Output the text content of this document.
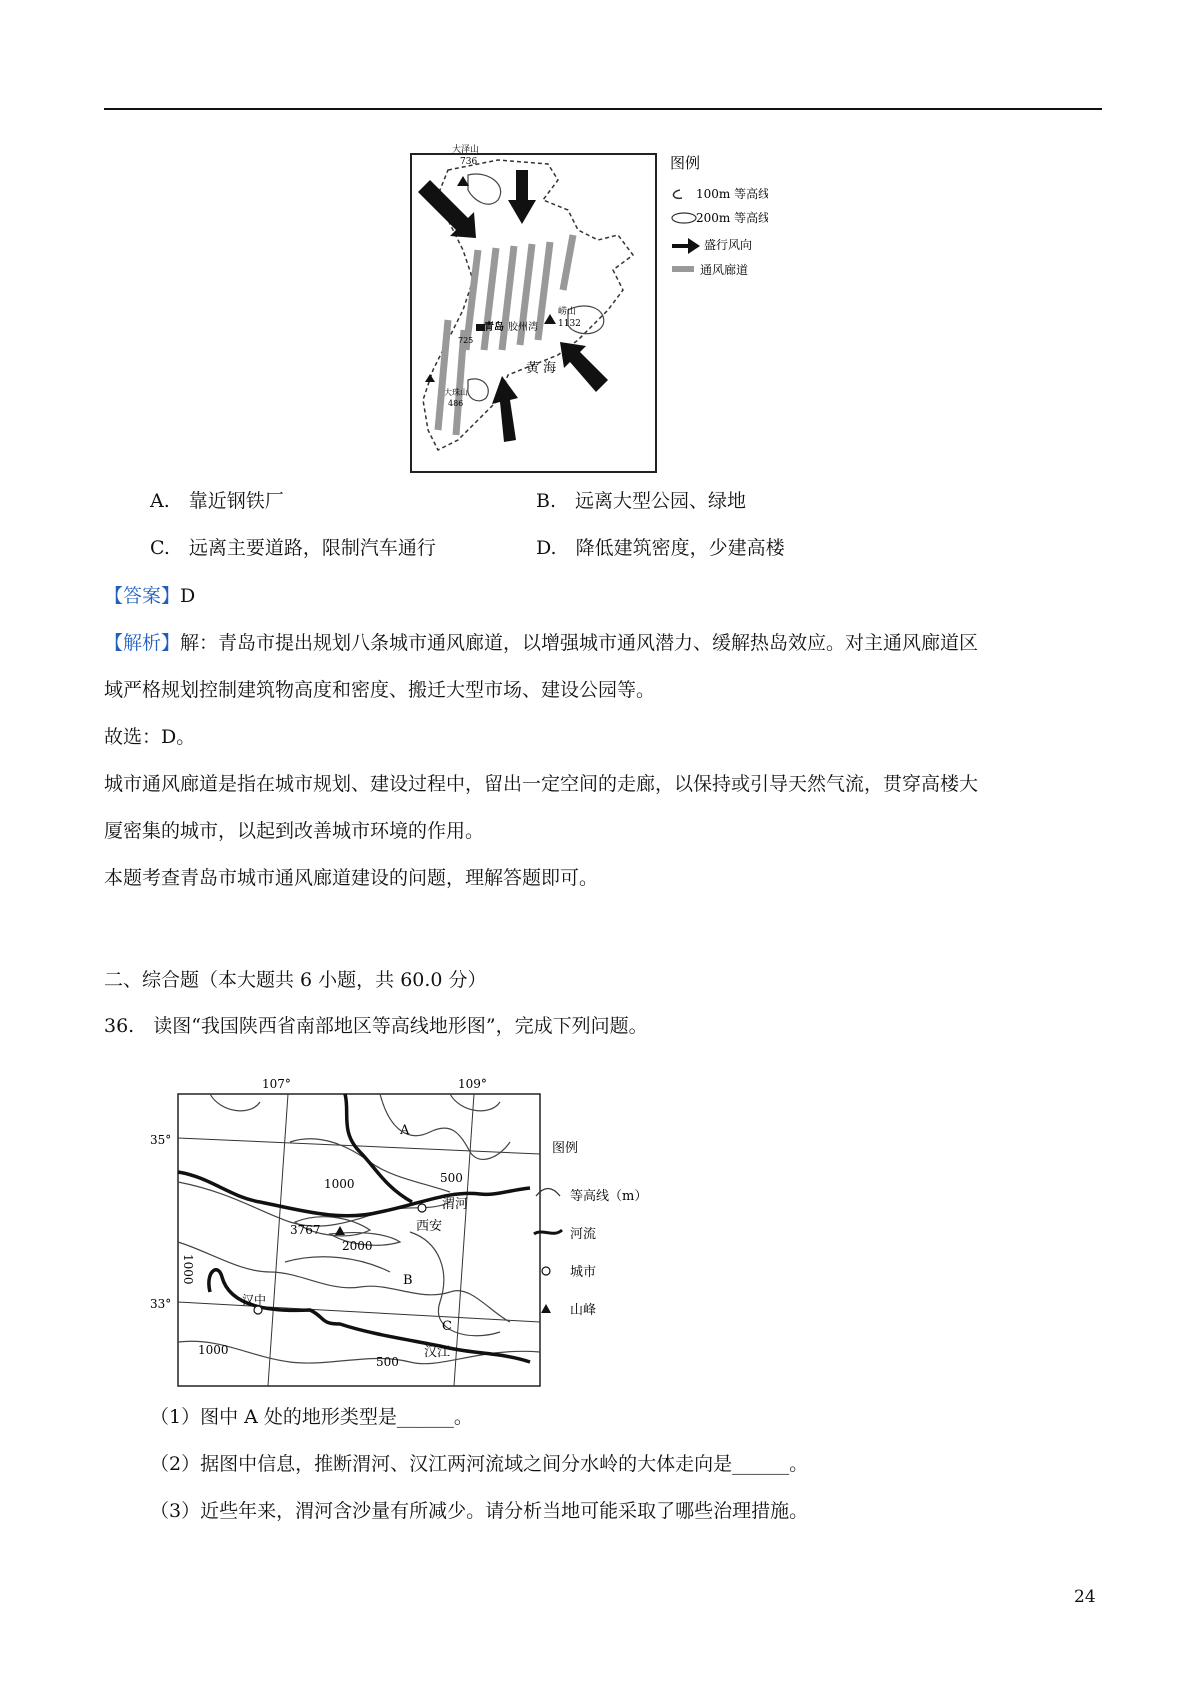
大泽山
736
崂山
1132
青岛 胶州湾
725
大珠山
486
黄 海
图例
100m 等高线
200m 等高线
盛行风向
通风廊道
A.　靠近钢铁厂	B.　远离大型公园、绿地
C.　远离主要道路，限制汽车通行	D.　降低建筑密度，少建高楼
【答案】D
【解析】解：青岛市提出规划八条城市通风廊道，以增强城市通风潜力、缓解热岛效应。对主通风廊道区
域严格规划控制建筑物高度和密度、搬迁大型市场、建设公园等。
故选：D。
城市通风廊道是指在城市规划、建设过程中，留出一定空间的走廊，以保持或引导天然气流，贯穿高楼大
厦密集的城市，以起到改善城市环境的作用。
本题考查青岛市城市通风廊道建设的问题，理解答题即可。
二、综合题（本大题共 6 小题，共 60.0 分）
36.　读图“我国陕西省南部地区等高线地形图”，完成下列问题。
107°	109°
35°
33°
A
B
C
500
1000
渭河
西安
3767
2000
1000
汉中
1000
500
汉江
图例
等高线（m）
河流
城市
山峰
（1）图中 A 处的地形类型是______。
（2）据图中信息，推断渭河、汉江两河流域之间分水岭的大体走向是______。
（3）近些年来，渭河含沙量有所减少。请分析当地可能采取了哪些治理措施。
24
